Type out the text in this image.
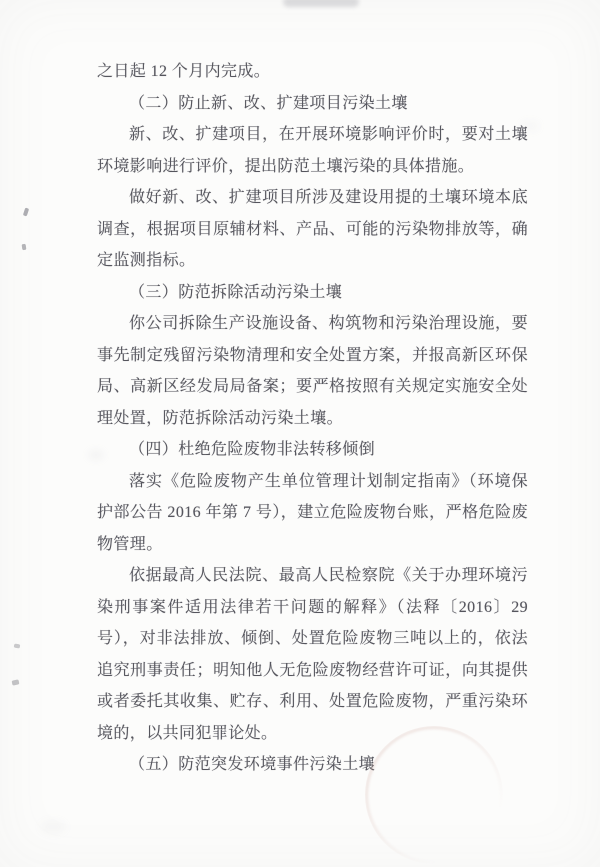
之日起 12 个月内完成。

（二）防止新、改、扩建项目污染土壤

新、改、扩建项目，在开展环境影响评价时，要对土壤环境影响进行评价，提出防范土壤污染的具体措施。

做好新、改、扩建项目所涉及建设用提的土壤环境本底调查，根据项目原辅材料、产品、可能的污染物排放等，确定监测指标。

（三）防范拆除活动污染土壤

你公司拆除生产设施设备、构筑物和污染治理设施，要事先制定残留污染物清理和安全处置方案，并报高新区环保局、高新区经发局局备案；要严格按照有关规定实施安全处理处置，防范拆除活动污染土壤。

（四）杜绝危险废物非法转移倾倒

落实《危险废物产生单位管理计划制定指南》（环境保护部公告 2016 年第 7 号），建立危险废物台账，严格危险废物管理。

依据最高人民法院、最高人民检察院《关于办理环境污染刑事案件适用法律若干问题的解释》（法释〔2016〕29 号），对非法排放、倾倒、处置危险废物三吨以上的，依法追究刑事责任；明知他人无危险废物经营许可证，向其提供或者委托其收集、贮存、利用、处置危险废物，严重污染环境的，以共同犯罪论处。

（五）防范突发环境事件污染土壤
